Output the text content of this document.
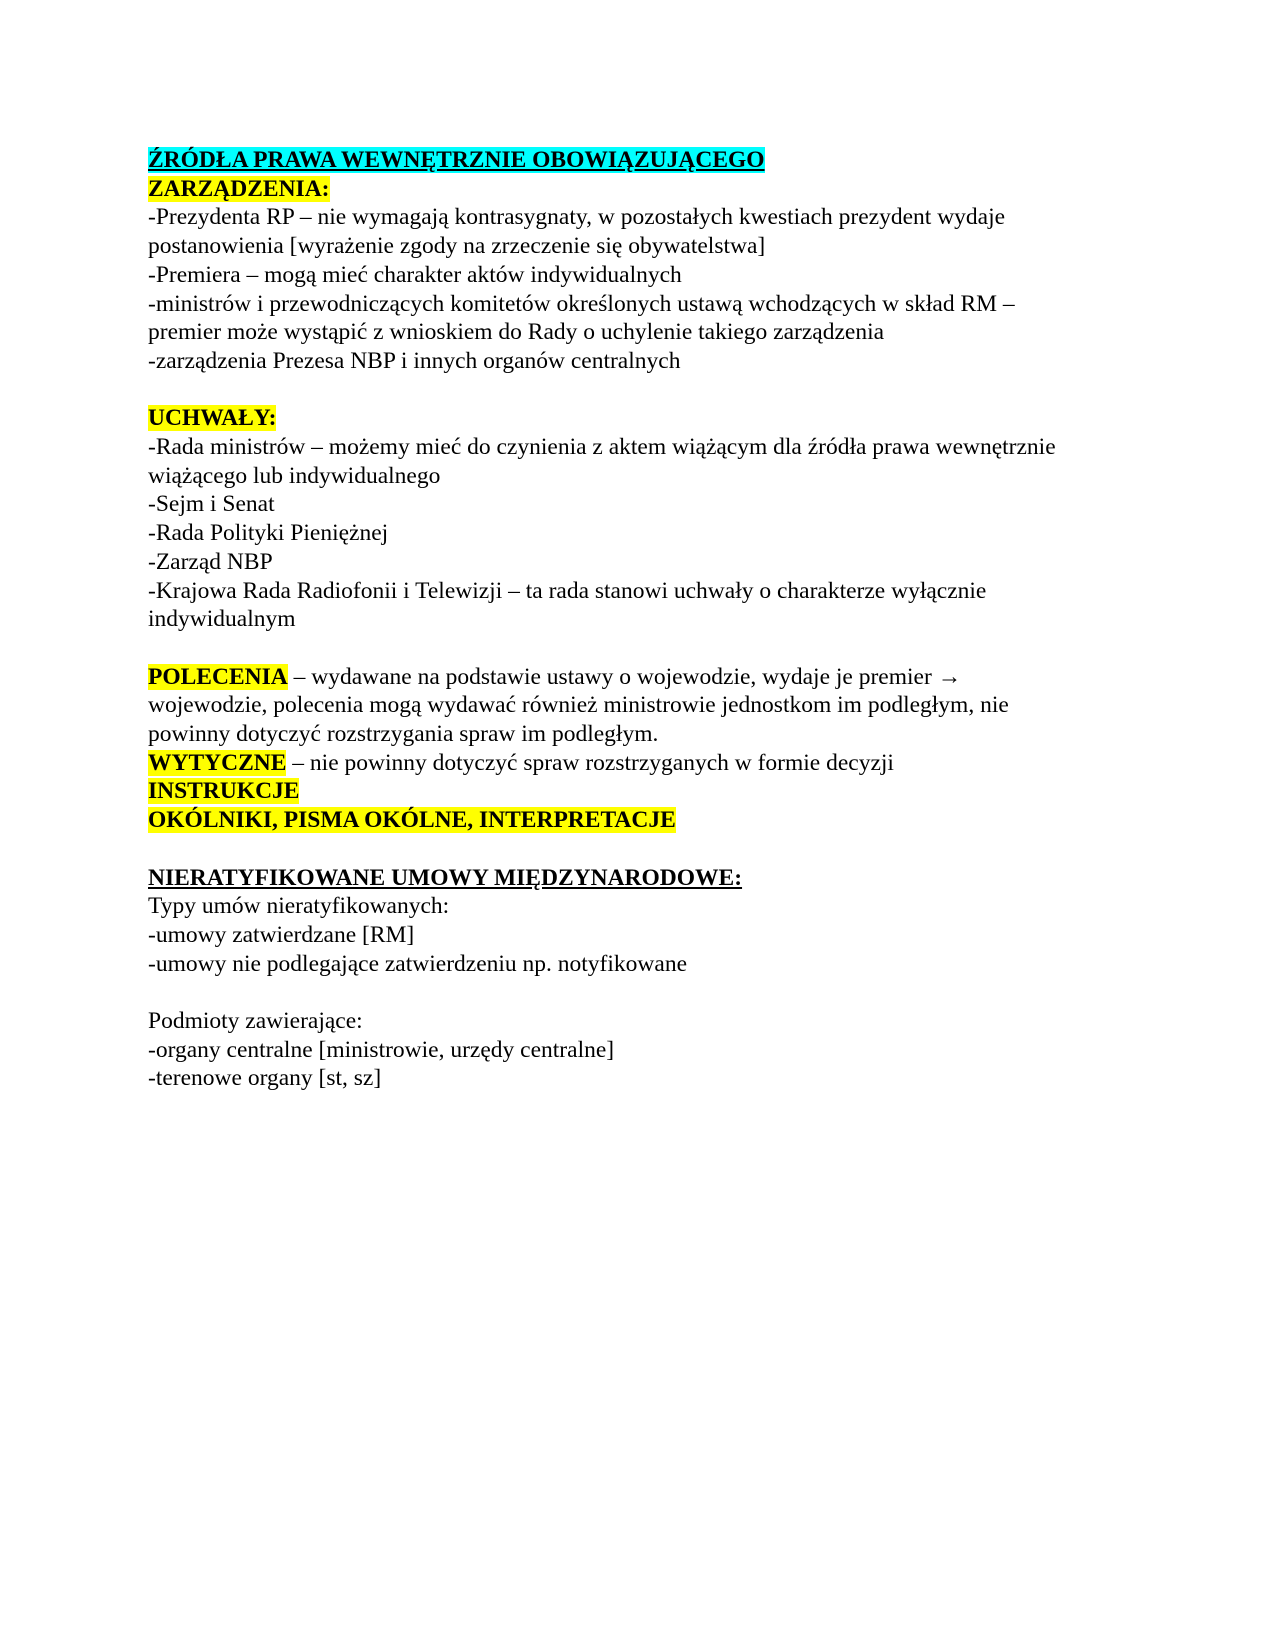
ŹRÓDŁA PRAWA WEWNĘTRZNIE OBOWIĄZUJĄCEGO
ZARZĄDZENIA:
-Prezydenta RP – nie wymagają kontrasygnaty, w pozostałych kwestiach prezydent wydaje
postanowienia [wyrażenie zgody na zrzeczenie się obywatelstwa]
-Premiera – mogą mieć charakter aktów indywidualnych
-ministrów i przewodniczących komitetów określonych ustawą wchodzących w skład RM –
premier może wystąpić z wnioskiem do Rady o uchylenie takiego zarządzenia
-zarządzenia Prezesa NBP i innych organów centralnych
UCHWAŁY:
-Rada ministrów – możemy mieć do czynienia z aktem wiążącym dla źródła prawa wewnętrznie
wiążącego lub indywidualnego
-Sejm i Senat
-Rada Polityki Pieniężnej
-Zarząd NBP
-Krajowa Rada Radiofonii i Telewizji – ta rada stanowi uchwały o charakterze wyłącznie
indywidualnym
POLECENIA – wydawane na podstawie ustawy o wojewodzie, wydaje je premier →
wojewodzie, polecenia mogą wydawać również ministrowie jednostkom im podległym, nie
powinny dotyczyć rozstrzygania spraw im podległym.
WYTYCZNE – nie powinny dotyczyć spraw rozstrzyganych w formie decyzji
INSTRUKCJE
OKÓLNIKI, PISMA OKÓLNE, INTERPRETACJE
NIERATYFIKOWANE UMOWY MIĘDZYNARODOWE:
Typy umów nieratyfikowanych:
-umowy zatwierdzane [RM]
-umowy nie podlegające zatwierdzeniu np. notyfikowane
Podmioty zawierające:
-organy centralne [ministrowie, urzędy centralne]
-terenowe organy [st, sz]
